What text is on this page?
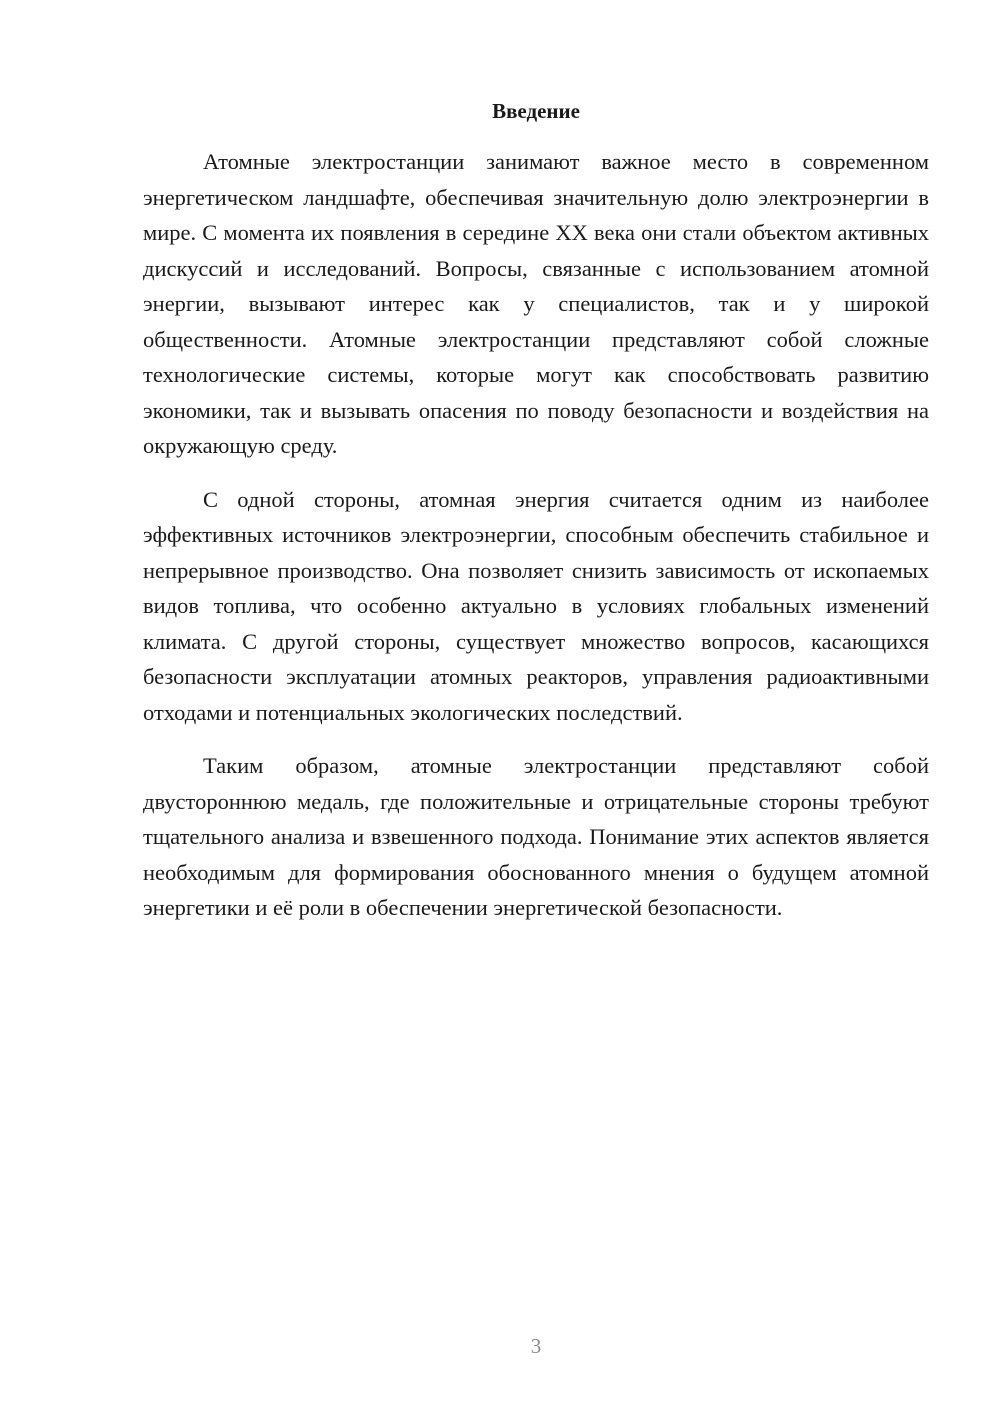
Введение

Атомные электростанции занимают важное место в современном энергетическом ландшафте, обеспечивая значительную долю электроэнергии в мире. С момента их появления в середине XX века они стали объектом активных дискуссий и исследований. Вопросы, связанные с использованием атомной энергии, вызывают интерес как у специалистов, так и у широкой общественности. Атомные электростанции представляют собой сложные технологические системы, которые могут как способствовать развитию экономики, так и вызывать опасения по поводу безопасности и воздействия на окружающую среду.

С одной стороны, атомная энергия считается одним из наиболее эффективных источников электроэнергии, способным обеспечить стабильное и непрерывное производство. Она позволяет снизить зависимость от ископаемых видов топлива, что особенно актуально в условиях глобальных изменений климата. С другой стороны, существует множество вопросов, касающихся безопасности эксплуатации атомных реакторов, управления радиоактивными отходами и потенциальных экологических последствий.

Таким образом, атомные электростанции представляют собой двустороннюю медаль, где положительные и отрицательные стороны требуют тщательного анализа и взвешенного подхода. Понимание этих аспектов является необходимым для формирования обоснованного мнения о будущем атомной энергетики и её роли в обеспечении энергетической безопасности.

3
